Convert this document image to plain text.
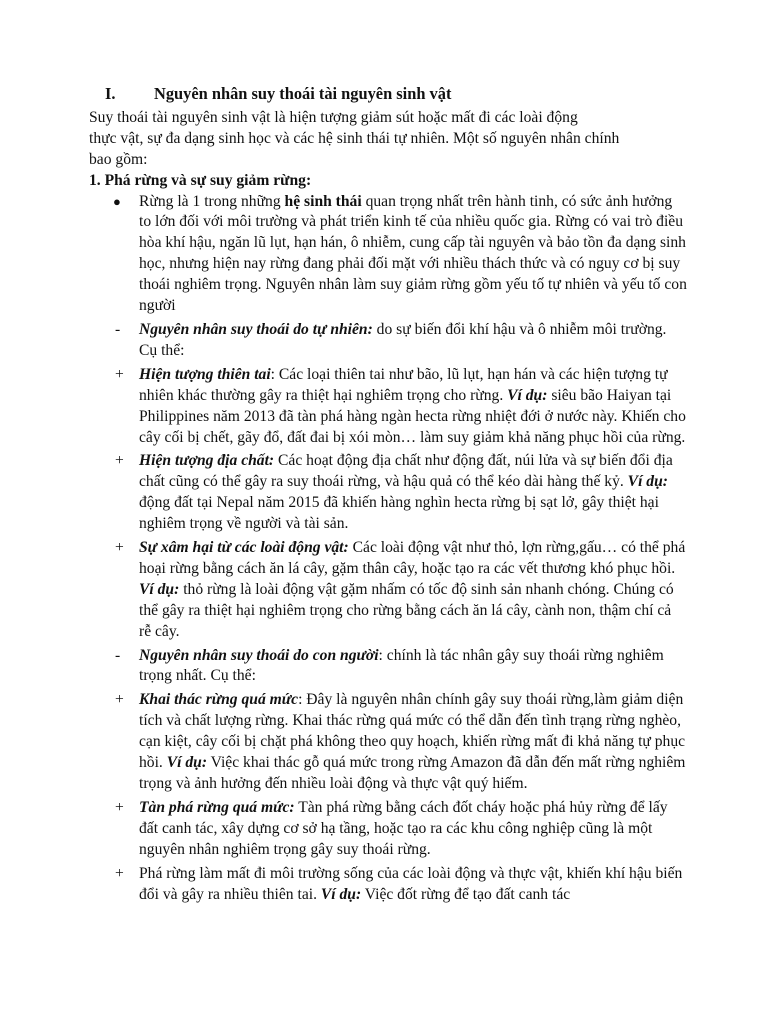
I.	Nguyên nhân suy thoái tài nguyên sinh vật

Suy thoái tài nguyên sinh vật là hiện tượng giảm sút hoặc mất đi các loài động

thực vật, sự đa dạng sinh học và các hệ sinh thái tự nhiên. Một số nguyên nhân chính

bao gồm:

1. Phá rừng và sự suy giảm rừng:

●	Rừng là 1 trong những hệ sinh thái quan trọng nhất trên hành tinh, có sức ảnh hưởng to lớn đối với môi trường và phát triển kinh tế của nhiều quốc gia. Rừng có vai trò điều hòa khí hậu, ngăn lũ lụt, hạn hán, ô nhiễm, cung cấp tài nguyên và bảo tồn đa dạng sinh học, nhưng hiện nay rừng đang phải đối mặt với nhiều thách thức và có nguy cơ bị suy thoái nghiêm trọng. Nguyên nhân làm suy giảm rừng gồm yếu tố tự nhiên và yếu tố con người
-	Nguyên nhân suy thoái do tự nhiên: do sự biến đổi khí hậu và ô nhiễm môi trường. Cụ thể:
+ Hiện tượng thiên tai: Các loại thiên tai như bão, lũ lụt, hạn hán và các hiện tượng tự nhiên khác thường gây ra thiệt hại nghiêm trọng cho rừng. Ví dụ: siêu bão Haiyan tại Philippines năm 2013 đã tàn phá hàng ngàn hecta rừng nhiệt đới ở nước này. Khiến cho cây cối bị chết, gãy đổ, đất đai bị xói mòn… làm suy giảm khả năng phục hồi của rừng.
+ Hiện tượng địa chất: Các hoạt động địa chất như động đất, núi lửa và sự biến đổi địa chất cũng có thể gây ra suy thoái rừng, và hậu quả có thể kéo dài hàng thế kỷ. Ví dụ: động đất tại Nepal năm 2015 đã khiến hàng nghìn hecta rừng bị sạt lở, gây thiệt hại nghiêm trọng về người và tài sản.
+ Sự xâm hại từ các loài động vật: Các loài động vật như thỏ, lợn rừng,gấu… có thể phá hoại rừng bằng cách ăn lá cây, gặm thân cây, hoặc tạo ra các vết thương khó phục hồi. Ví dụ: thỏ rừng là loài động vật gặm nhấm có tốc độ sinh sản nhanh chóng. Chúng có thể gây ra thiệt hại nghiêm trọng cho rừng bằng cách ăn lá cây, cành non, thậm chí cả rễ cây.
-	Nguyên nhân suy thoái do con người: chính là tác nhân gây suy thoái rừng nghiêm trọng nhất. Cụ thể:
+ Khai thác rừng quá mức: Đây là nguyên nhân chính gây suy thoái rừng,làm giảm diện tích và chất lượng rừng. Khai thác rừng quá mức có thể dẫn đến tình trạng rừng nghèo, cạn kiệt, cây cối bị chặt phá không theo quy hoạch, khiến rừng mất đi khả năng tự phục hồi. Ví dụ: Việc khai thác gỗ quá mức trong rừng Amazon đã dẫn đến mất rừng nghiêm trọng và ảnh hưởng đến nhiều loài động và thực vật quý hiếm.
+ Tàn phá rừng quá mức: Tàn phá rừng bằng cách đốt cháy hoặc phá hủy rừng để lấy đất canh tác, xây dựng cơ sở hạ tầng, hoặc tạo ra các khu công nghiệp cũng là một nguyên nhân nghiêm trọng gây suy thoái rừng.
+ Phá rừng làm mất đi môi trường sống của các loài động và thực vật, khiến khí hậu biến đổi và gây ra nhiều thiên tai. Ví dụ: Việc đốt rừng để tạo đất canh tác
